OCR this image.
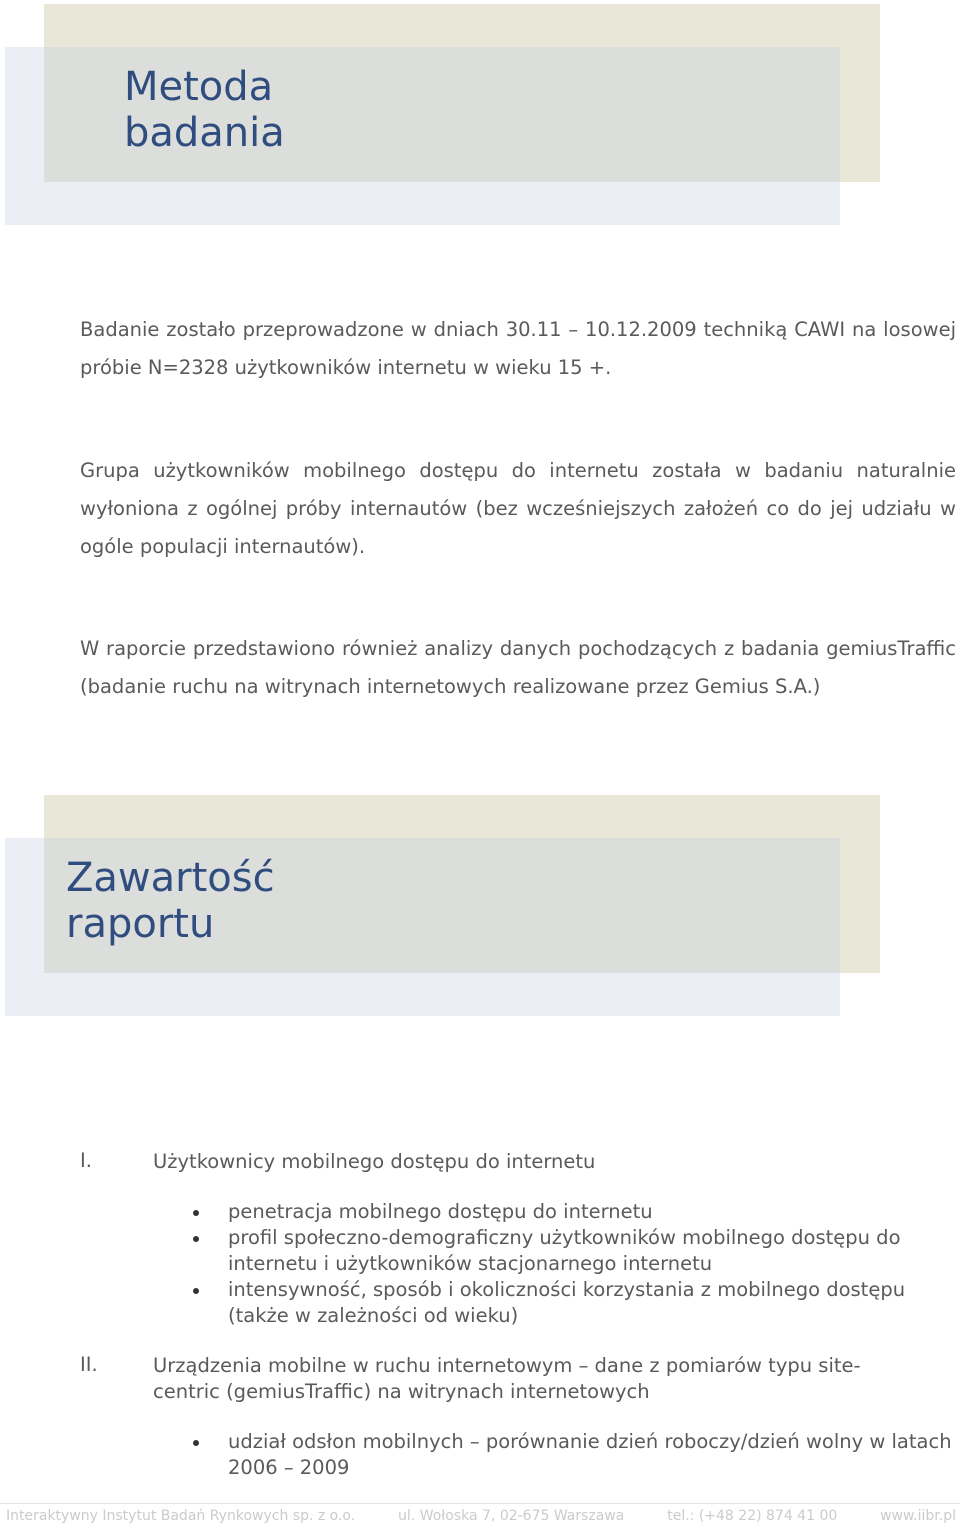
Metoda badania

Badanie zostało przeprowadzone w dniach 30.11 – 10.12.2009 techniką CAWI na losowej próbie N=2328 użytkowników internetu w wieku 15 +.

Grupa użytkowników mobilnego dostępu do internetu została w badaniu naturalnie wyłoniona z ogólnej próby internautów (bez wcześniejszych założeń co do jej udziału w ogóle populacji internautów).

W raporcie przedstawiono również analizy danych pochodzących z badania gemiusTraffic (badanie ruchu na witrynach internetowych realizowane przez Gemius S.A.)

Zawartość raportu
I.	Użytkownicy mobilnego dostępu do internetu
penetracja mobilnego dostępu do internetu
profil społeczno-demograficzny użytkowników mobilnego dostępu do internetu i użytkowników stacjonarnego internetu
intensywność, sposób i okoliczności korzystania z mobilnego dostępu (także w zależności od wieku)
II.	Urządzenia mobilne w ruchu internetowym – dane z pomiarów typu site-centric (gemiusTraffic) na witrynach internetowych
udział odsłon mobilnych – porównanie dzień roboczy/dzień wolny w latach 2006 – 2009
Interaktywny Instytut Badań Rynkowych sp. z o.o.	ul. Wołoska 7, 02-675 Warszawa	tel.: (+48 22) 874 41 00	www.iibr.pl
